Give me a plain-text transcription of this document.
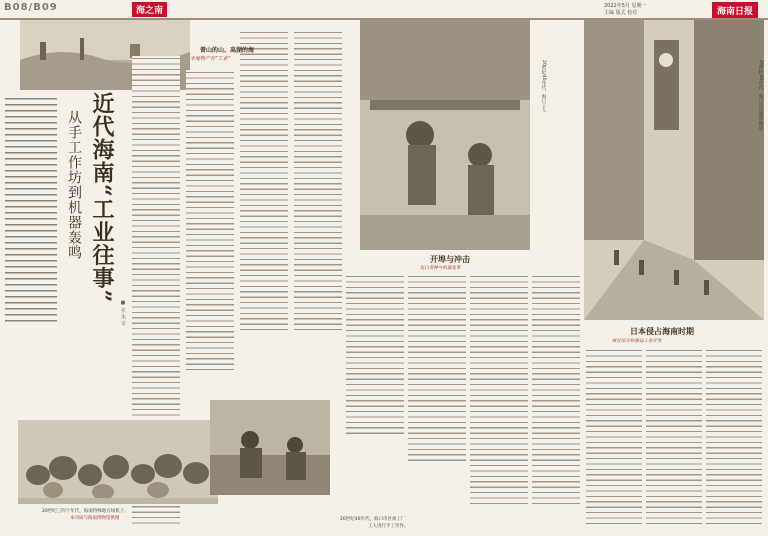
B08/B09	海之南	2022年5月 星期一
主编 版式 校对	海南日报
近代海南“工业往事”
从手工作坊到机器轰鸣
■ 张 朱 奇
曾山的山、高湖的海
本地物产有“工业”
20世纪三四十年代，海南特殊地方场机子。
本刊局与海南博物馆供图
20世纪40年代，海口工人
开埠与冲击
近口者种与机器变革
20世纪40年代，海口市区加工厂
工人进行手工劳作。
20世纪40年代，海口市区繁华街道。
日本侵占海南时期
疯狂掠夺和强迫工业开发
